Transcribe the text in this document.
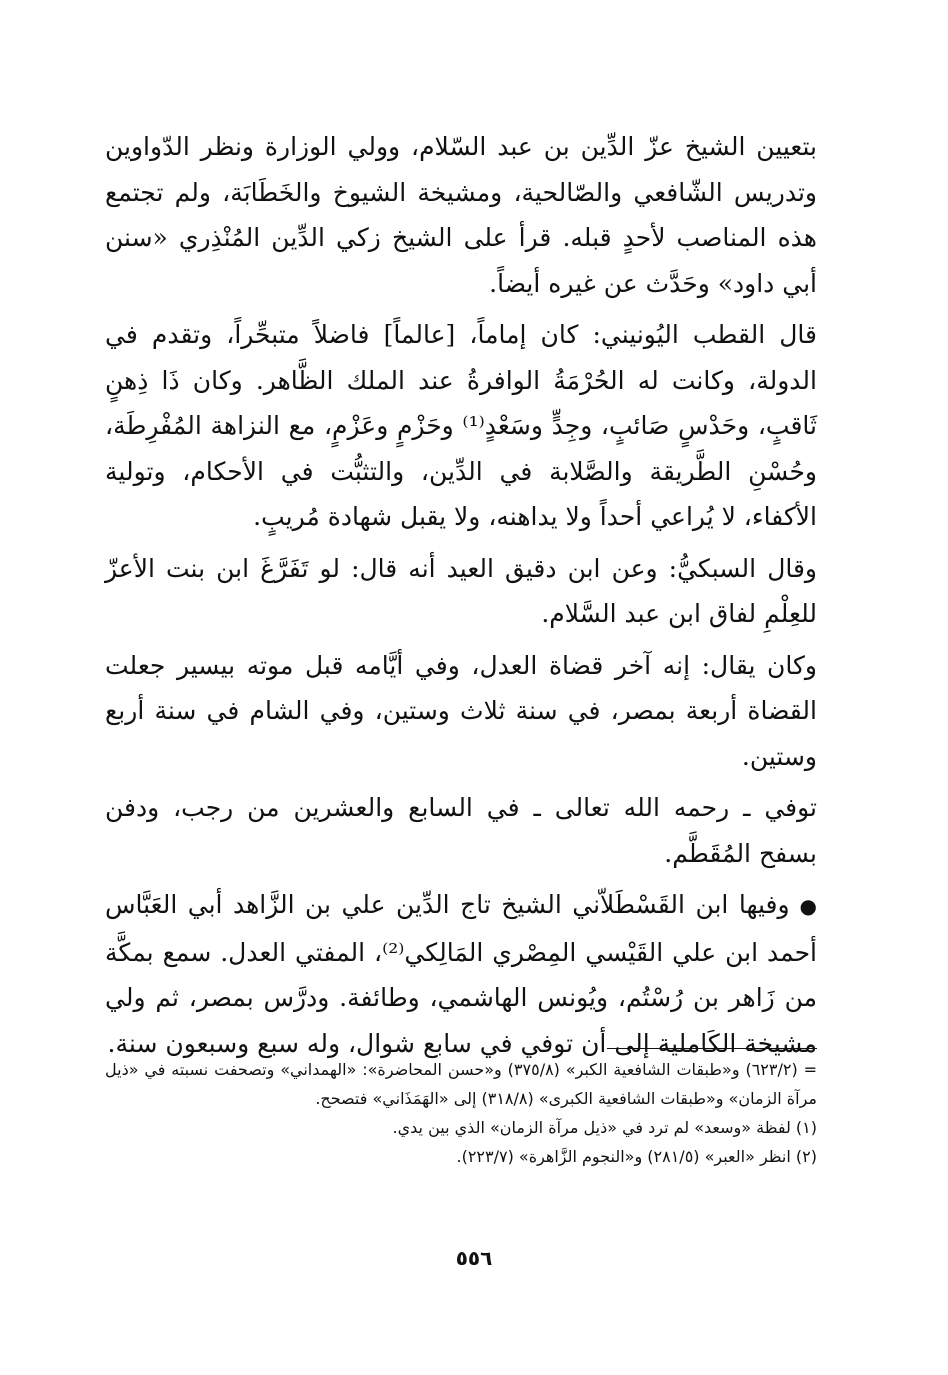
بتعيين الشيخ عزّ الدِّين بن عبد السّلام، وولي الوزارة ونظر الدّواوين وتدريس الشّافعي والصّالحية، ومشيخة الشيوخ والخَطَابَة، ولم تجتمع هذه المناصب لأحدٍ قبله. قرأ على الشيخ زكي الدِّين المُنْذِري «سنن أبي داود» وحَدَّث عن غيره أيضاً.

قال القطب اليُونيني: كان إماماً، [عالماً] فاضلاً متبحِّراً، وتقدم في الدولة، وكانت له الحُرْمَةُ الوافرةُ عند الملك الظَّاهر. وكان ذَا ذِهنٍ ثَاقبٍ، وحَدْسٍ صَائبٍ، وجِدٍّ وسَعْدٍ⁽¹⁾ وحَزْمٍ وعَزْمٍ، مع النزاهة المُفْرِطَة، وحُسْنِ الطَّريقة والصَّلابة في الدِّين، والتثبُّت في الأحكام، وتولية الأكفاء، لا يُراعي أحداً ولا يداهنه، ولا يقبل شهادة مُريبٍ.

وقال السبكيُّ: وعن ابن دقيق العيد أنه قال: لو تَفَرَّغَ ابن بنت الأعزّ للعِلْمِ لفاق ابن عبد السَّلام.

وكان يقال: إنه آخر قضاة العدل، وفي أيَّامه قبل موته بيسير جعلت القضاة أربعة بمصر، في سنة ثلاث وستين، وفي الشام في سنة أربع وستين.

توفي ـ رحمه الله تعالى ـ في السابع والعشرين من رجب، ودفن بسفح المُقَطَّم.

●وفيها ابن القَسْطَلاّني الشيخ تاج الدِّين علي بن الزَّاهد أبي العَبَّاس أحمد ابن علي القَيْسي المِصْري المَالِكي⁽²⁾، المفتي العدل. سمع بمكَّة من زَاهر بن رُسْتُم، ويُونس الهاشمي، وطائفة. ودرَّس بمصر، ثم ولي مشيخة الكَاملية إلى أن توفي في سابع شوال، وله سبع وسبعون سنة.

= (٦٢٣/٢) و«طبقات الشافعية الكبر» (٣٧٥/٨) و«حسن المحاضرة»: «الهمداني» وتصحفت نسبته في «ذيل مرآة الزمان» و«طبقات الشافعية الكبرى» (٣١٨/٨) إلى «الهَمَذَاني» فتصحح.

(١) لفظة «وسعد» لم ترد في «ذيل مرآة الزمان» الذي بين يدي.

(٢) انظر «العبر» (٢٨١/٥) و«النجوم الزَّاهرة» (٢٢٣/٧).

٥٥٦
